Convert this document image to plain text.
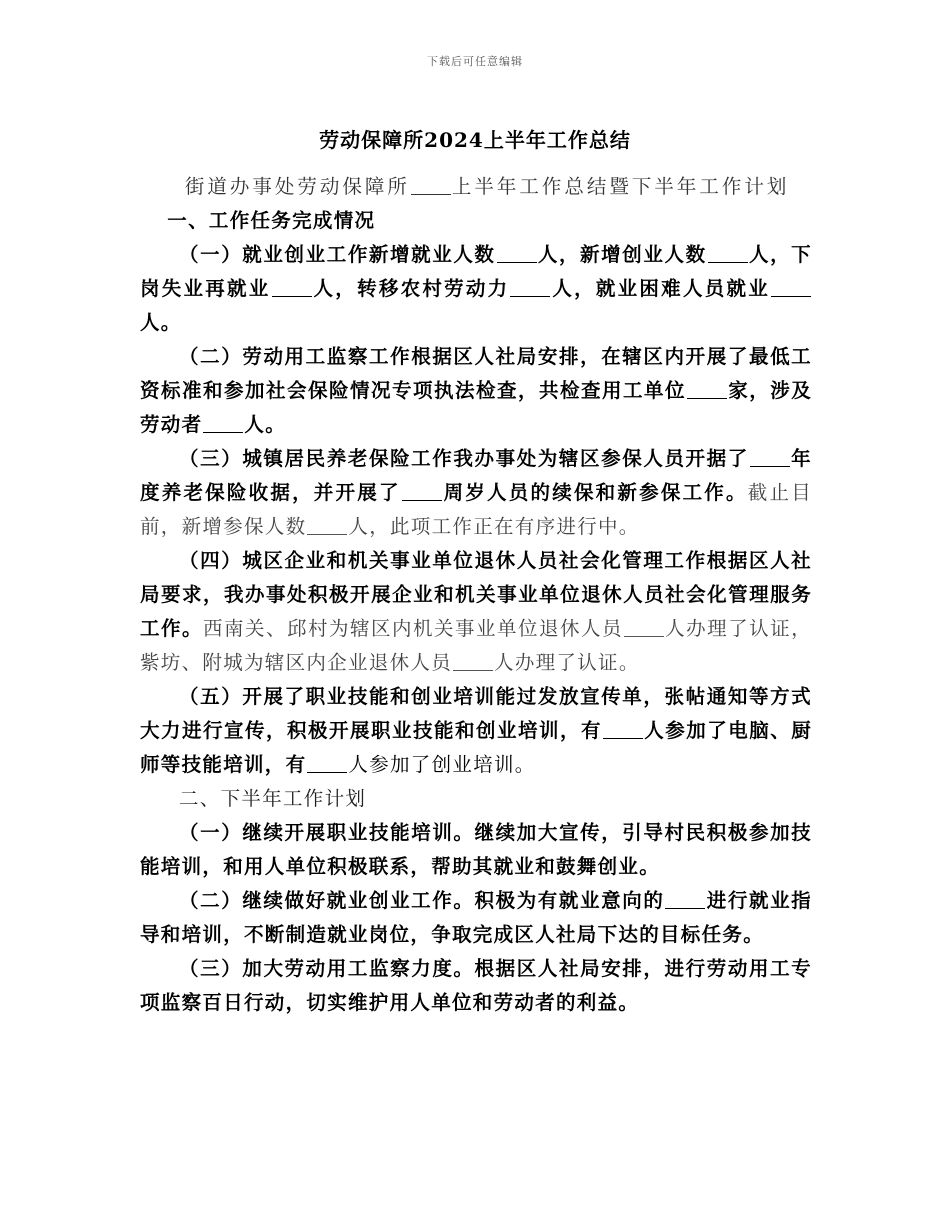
下载后可任意编辑
劳动保障所2024上半年工作总结

街道办事处劳动保障所 上半年工作总结暨下半年工作计划

一、工作任务完成情况

（一）就业创业工作新增就业人数 人，新增创业人数 人，下岗失业再就业 人，转移农村劳动力 人，就业困难人员就业人。

（二）劳动用工监察工作根据区人社局安排，在辖区内开展了最低工资标准和参加社会保险情况专项执法检查，共检查用工单位 家，涉及劳动者 人。

（三）城镇居民养老保险工作我办事处为辖区参保人员开据了 年度养老保险收据，并开展了 周岁人员的续保和新参保工作。截止目前，新增参保人数 人，此项工作正在有序进行中。

（四）城区企业和机关事业单位退休人员社会化管理工作根据区人社局要求，我办事处积极开展企业和机关事业单位退休人员社会化管理服务工作。西南关、邱村为辖区内机关事业单位退休人员 人办理了认证，紫坊、附城为辖区内企业退休人员 人办理了认证。

（五）开展了职业技能和创业培训能过发放宣传单，张帖通知等方式大力进行宣传，积极开展职业技能和创业培训，有 人参加了电脑、厨师等技能培训，有 人参加了创业培训。

二、下半年工作计划

（一）继续开展职业技能培训。继续加大宣传，引导村民积极参加技能培训，和用人单位积极联系，帮助其就业和鼓舞创业。

（二）继续做好就业创业工作。积极为有就业意向的 进行就业指导和培训，不断制造就业岗位，争取完成区人社局下达的目标任务。

（三）加大劳动用工监察力度。根据区人社局安排，进行劳动用工专项监察百日行动，切实维护用人单位和劳动者的利益。
